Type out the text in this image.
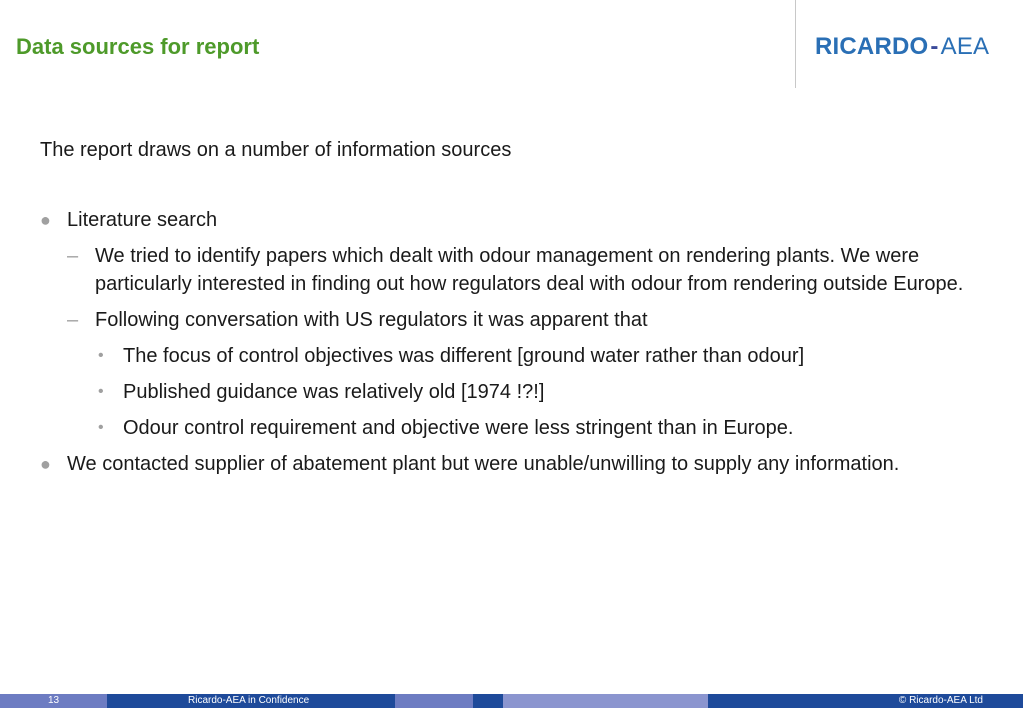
Data sources for report	RICARDO-AEA

The report draws on a number of information sources

● Literature search
– We tried to identify papers which dealt with odour management on rendering plants. We were particularly interested in finding out how regulators deal with odour from rendering outside Europe.
– Following conversation with US regulators it was apparent that
• The focus of control objectives was different [ground water rather than odour]
• Published guidance was relatively old [1974 !?!]
• Odour control requirement and objective were less stringent than in Europe.
● We contacted supplier of abatement plant but were unable/unwilling to supply any information.
13	Ricardo-AEA in Confidence	© Ricardo-AEA Ltd
